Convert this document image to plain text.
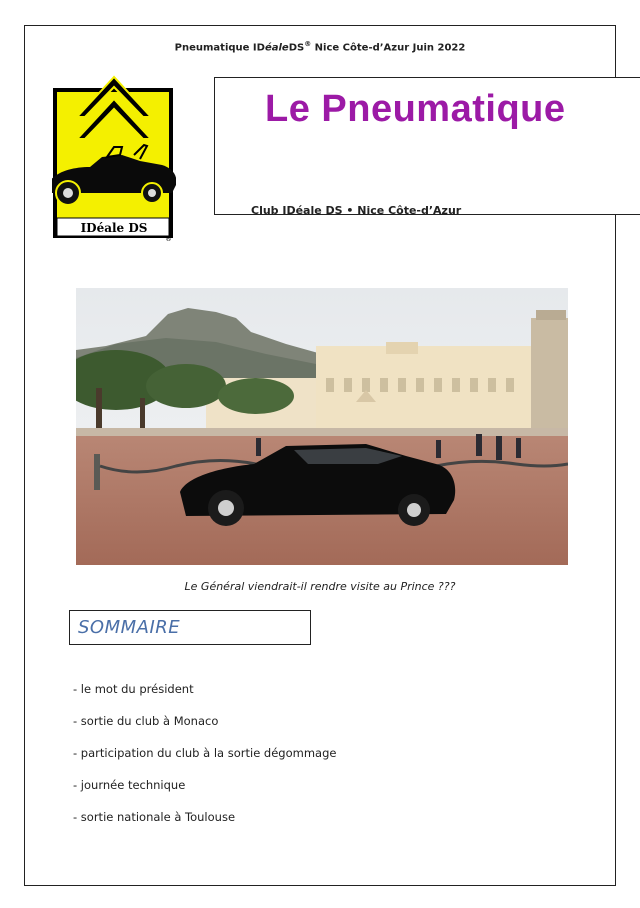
Pneumatique IDéaleDS® Nice Côte-d’Azur Juin 2022
IDéale DS
®
Le Pneumatique
Club IDéale DS • Nice Côte-d’Azur
Le Général viendrait-il rendre visite au Prince ???
SOMMAIRE
- le mot du président
- sortie du club à Monaco
- participation du club à la sortie dégommage
- journée technique
- sortie nationale à Toulouse
